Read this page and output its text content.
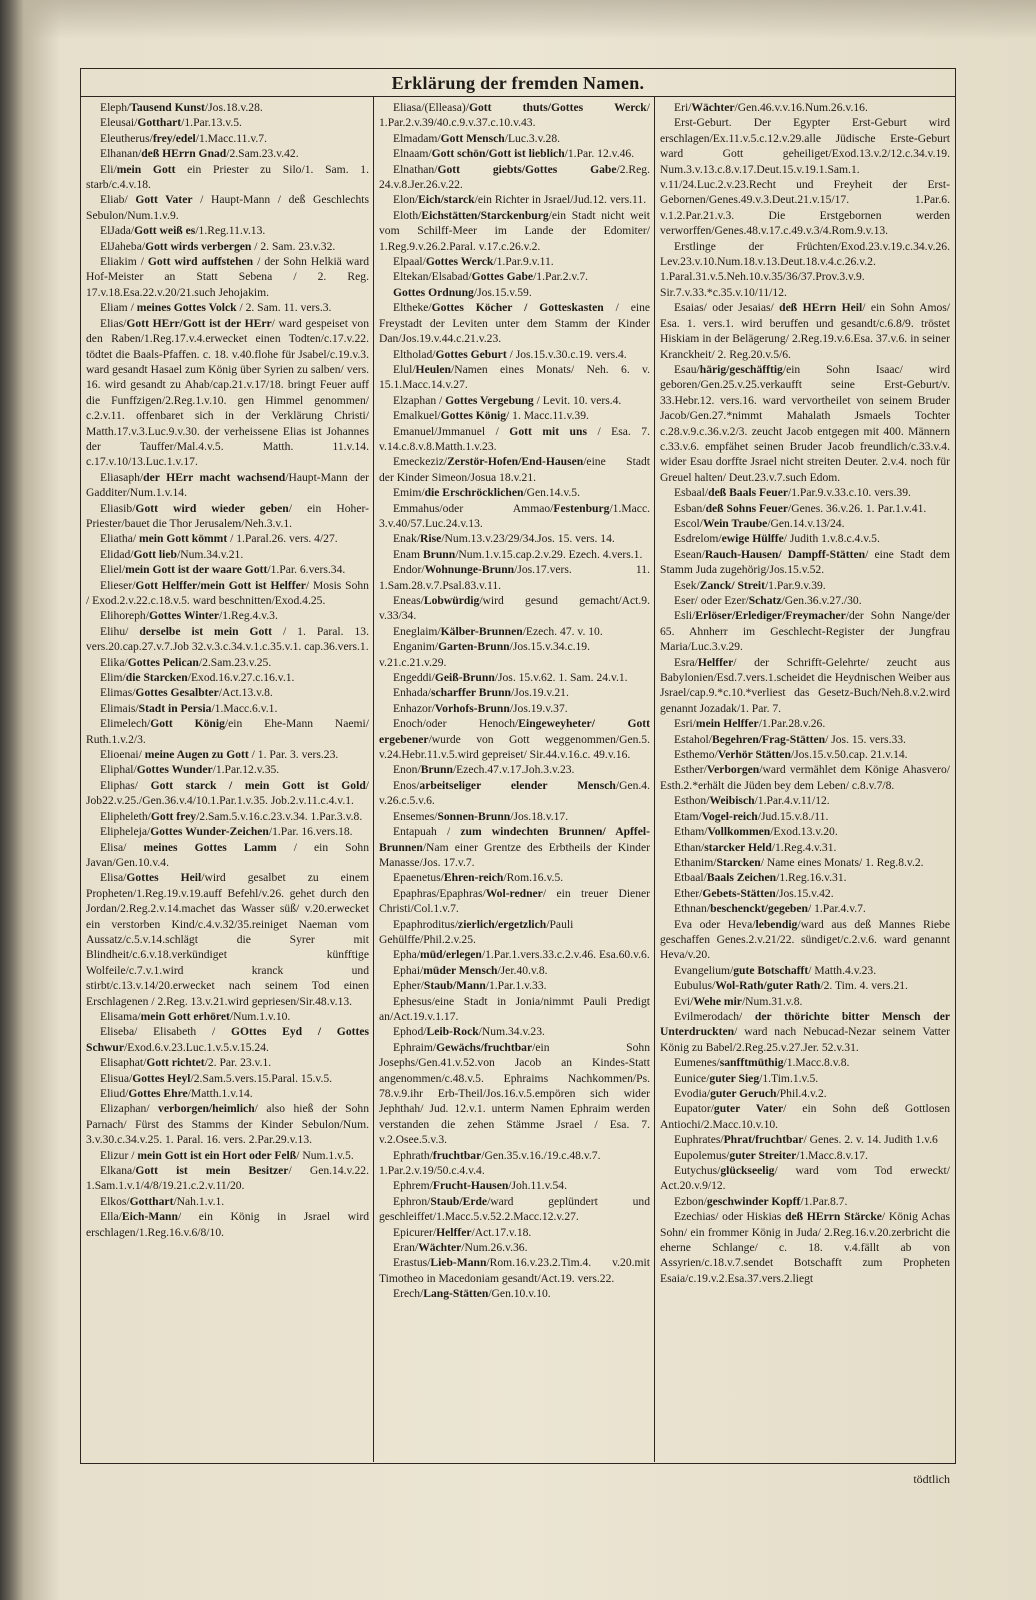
Erklärung der fremden Namen.

Eleph/Tausend Kunst/Jos.18.v.28.

Eleusai/Gotthart/1.Par.13.v.5.

Eleutherus/frey/edel/1.Macc.11.v.7.

Elhanan/deß HErrn Gnad/2.Sam.23.v.42.

Eli/mein Gott ein Priester zu Silo/1. Sam. 1. starb/c.4.v.18.

Eliab/ Gott Vater / Haupt-Mann / deß Geschlechts Sebulon/Num.1.v.9.

ElJada/Gott weiß es/1.Reg.11.v.13.

ElJaheba/Gott wirds verbergen / 2. Sam. 23.v.32.

Eliakim / Gott wird auffstehen / der Sohn Helkiä ward Hof-Meister an Statt Sebena / 2. Reg. 17.v.18.Esa.22.v.20/21.such Jehojakim.

Eliam / meines Gottes Volck / 2. Sam. 11. vers.3.

Elias/Gott HErr/Gott ist der HErr/ ward gespeiset von den Raben/1.Reg.17.v.4.erwecket einen Todten/c.17.v.22. tödtet die Baals-Pfaffen. c. 18. v.40.flohe für Jsabel/c.19.v.3. ward gesandt Hasael zum König über Syrien zu salben/ vers. 16. wird gesandt zu Ahab/cap.21.v.17/18. bringt Feuer auff die Funffzigen/2.Reg.1.v.10. gen Himmel genommen/ c.2.v.11. offenbaret sich in der Verklärung Christi/ Matth.17.v.3.Luc.9.v.30. der verheissene Elias ist Johannes der Tauffer/Mal.4.v.5. Matth. 11.v.14. c.17.v.10/13.Luc.1.v.17.

Eliasaph/der HErr macht wachsend/Haupt-Mann der Gadditer/Num.1.v.14.

Eliasib/Gott wird wieder geben/ ein Hoher-Priester/bauet die Thor Jerusalem/Neh.3.v.1.

Eliatha/ mein Gott kömmt / 1.Paral.26. vers. 4/27.

Elidad/Gott lieb/Num.34.v.21.

Eliel/mein Gott ist der waare Gott/1.Par. 6.vers.34.

Elieser/Gott Helffer/mein Gott ist Helffer/ Mosis Sohn / Exod.2.v.22.c.18.v.5. ward beschnitten/Exod.4.25.

Elihoreph/Gottes Winter/1.Reg.4.v.3.

Elihu/ derselbe ist mein Gott / 1. Paral. 13. vers.20.cap.27.v.7.Job 32.v.3.c.34.v.1.c.35.v.1. cap.36.vers.1.

Elika/Gottes Pelican/2.Sam.23.v.25.

Elim/die Starcken/Exod.16.v.27.c.16.v.1.

Elimas/Gottes Gesalbter/Act.13.v.8.

Elimais/Stadt in Persia/1.Macc.6.v.1.

Elimelech/Gott König/ein Ehe-Mann Naemi/ Ruth.1.v.2/3.

Elioenai/ meine Augen zu Gott / 1. Par. 3. vers.23.

Eliphal/Gottes Wunder/1.Par.12.v.35.

Eliphas/ Gott starck / mein Gott ist Gold/ Job22.v.25./Gen.36.v.4/10.1.Par.1.v.35. Job.2.v.11.c.4.v.1.

Elipheleth/Gott frey/2.Sam.5.v.16.c.23.v.34. 1.Par.3.v.8.

Elipheleja/Gottes Wunder-Zeichen/1.Par. 16.vers.18.

Elisa/ meines Gottes Lamm / ein Sohn Javan/Gen.10.v.4.

Elisa/Gottes Heil/wird gesalbet zu einem Propheten/1.Reg.19.v.19.auff Befehl/v.26. gehet durch den Jordan/2.Reg.2.v.14.machet das Wasser süß/ v.20.erwecket ein verstorben Kind/c.4.v.32/35.reiniget Naeman vom Aussatz/c.5.v.14.schlägt die Syrer mit Blindheit/c.6.v.18.verkündiget künfftige Wolfeile/c.7.v.1.wird kranck und stirbt/c.13.v.14/20.erwecket nach seinem Tod einen Erschlagenen / 2.Reg. 13.v.21.wird gepriesen/Sir.48.v.13.

Elisama/mein Gott erhöret/Num.1.v.10.

Eliseba/ Elisabeth / GOttes Eyd / Gottes Schwur/Exod.6.v.23.Luc.1.v.5.v.15.24.

Elisaphat/Gott richtet/2. Par. 23.v.1.

Elisua/Gottes Heyl/2.Sam.5.vers.15.Paral. 15.v.5.

Eliud/Gottes Ehre/Matth.1.v.14.

Elizaphan/ verborgen/heimlich/ also hieß der Sohn Parnach/ Fürst des Stamms der Kinder Sebulon/Num. 3.v.30.c.34.v.25. 1. Paral. 16. vers. 2.Par.29.v.13.

Elizur / mein Gott ist ein Hort oder Felß/ Num.1.v.5.

Elkana/Gott ist mein Besitzer/ Gen.14.v.22. 1.Sam.1.v.1/4/8/19.21.c.2.v.11/20.

Elkos/Gotthart/Nah.1.v.1.

Ella/Eich-Mann/ ein König in Jsrael wird erschlagen/1.Reg.16.v.6/8/10.

Eliasa/(Elleasa)/Gott thuts/Gottes Werck/ 1.Par.2.v.39/40.c.9.v.37.c.10.v.43.

Elmadam/Gott Mensch/Luc.3.v.28.

Elnaam/Gott schön/Gott ist lieblich/1.Par. 12.v.46.

Elnathan/Gott giebts/Gottes Gabe/2.Reg. 24.v.8.Jer.26.v.22.

Elon/Eich/starck/ein Richter in Jsrael/Jud.12. vers.11.

Eloth/Eichstätten/Starckenburg/ein Stadt nicht weit vom Schilff-Meer im Lande der Edomiter/ 1.Reg.9.v.26.2.Paral. v.17.c.26.v.2.

Elpaal/Gottes Werck/1.Par.9.v.11.

Eltekan/Elsabad/Gottes Gabe/1.Par.2.v.7.

Gottes Ordnung/Jos.15.v.59.

Eltheke/Gottes Köcher / Gotteskasten / eine Freystadt der Leviten unter dem Stamm der Kinder Dan/Jos.19.v.44.c.21.v.23.

Eltholad/Gottes Geburt / Jos.15.v.30.c.19. vers.4.

Elul/Heulen/Namen eines Monats/ Neh. 6. v. 15.1.Macc.14.v.27.

Elzaphan / Gottes Vergebung / Levit. 10. vers.4.

Emalkuel/Gottes König/ 1. Macc.11.v.39.

Emanuel/Jmmanuel / Gott mit uns / Esa. 7. v.14.c.8.v.8.Matth.1.v.23.

Emeckeziz/Zerstör-Hofen/End-Hausen/eine Stadt der Kinder Simeon/Josua 18.v.21.

Emim/die Erschröcklichen/Gen.14.v.5.

Emmahus/oder Ammao/Festenburg/1.Macc. 3.v.40/57.Luc.24.v.13.

Enak/Rise/Num.13.v.23/29/34.Jos. 15. vers. 14.

Enam Brunn/Num.1.v.15.cap.2.v.29. Ezech. 4.vers.1.

Endor/Wohnunge-Brunn/Jos.17.vers. 11. 1.Sam.28.v.7.Psal.83.v.11.

Eneas/Lobwürdig/wird gesund gemacht/Act.9. v.33/34.

Eneglaim/Kälber-Brunnen/Ezech. 47. v. 10.

Enganim/Garten-Brunn/Jos.15.v.34.c.19. v.21.c.21.v.29.

Engeddi/Geiß-Brunn/Jos. 15.v.62. 1. Sam. 24.v.1.

Enhada/scharffer Brunn/Jos.19.v.21.

Enhazor/Vorhofs-Brunn/Jos.19.v.37.

Enoch/oder Henoch/Eingeweyheter/ Gott ergebener/wurde von Gott weggenommen/Gen.5. v.24.Hebr.11.v.5.wird gepreiset/ Sir.44.v.16.c. 49.v.16.

Enon/Brunn/Ezech.47.v.17.Joh.3.v.23.

Enos/arbeitseliger elender Mensch/Gen.4. v.26.c.5.v.6.

Ensemes/Sonnen-Brunn/Jos.18.v.17.

Entapuah / zum windechten Brunnen/ Apffel-Brunnen/Nam einer Grentze des Erbtheils der Kinder Manasse/Jos. 17.v.7.

Epaenetus/Ehren-reich/Rom.16.v.5.

Epaphras/Epaphras/Wol-redner/ ein treuer Diener Christi/Col.1.v.7.

Epaphroditus/zierlich/ergetzlich/Pauli Gehülffe/Phil.2.v.25.

Epha/müd/erlegen/1.Par.1.vers.33.c.2.v.46. Esa.60.v.6.

Ephai/müder Mensch/Jer.40.v.8.

Epher/Staub/Mann/1.Par.1.v.33.

Ephesus/eine Stadt in Jonia/nimmt Pauli Predigt an/Act.19.v.1.17.

Ephod/Leib-Rock/Num.34.v.23.

Ephraim/Gewächs/fruchtbar/ein Sohn Josephs/Gen.41.v.52.von Jacob an Kindes-Statt angenommen/c.48.v.5. Ephraims Nachkommen/Ps. 78.v.9.ihr Erb-Theil/Jos.16.v.5.empören sich wider Jephthah/ Jud. 12.v.1. unterm Namen Ephraim werden verstanden die zehen Stämme Jsrael / Esa. 7. v.2.Osee.5.v.3.

Ephrath/fruchtbar/Gen.35.v.16./19.c.48.v.7. 1.Par.2.v.19/50.c.4.v.4.

Ephrem/Frucht-Hausen/Joh.11.v.54.

Ephron/Staub/Erde/ward geplündert und geschleiffet/1.Macc.5.v.52.2.Macc.12.v.27.

Epicurer/Helffer/Act.17.v.18.

Eran/Wächter/Num.26.v.36.

Erastus/Lieb-Mann/Rom.16.v.23.2.Tim.4. v.20.mit Timotheo in Macedoniam gesandt/Act.19. vers.22.

Erech/Lang-Stätten/Gen.10.v.10.

Eri/Wächter/Gen.46.v.v.16.Num.26.v.16.

Erst-Geburt. Der Egypter Erst-Geburt wird erschlagen/Ex.11.v.5.c.12.v.29.alle Jüdische Erste-Geburt ward Gott geheiliget/Exod.13.v.2/12.c.34.v.19. Num.3.v.13.c.8.v.17.Deut.15.v.19.1.Sam.1. v.11/24.Luc.2.v.23.Recht und Freyheit der Erst-Gebornen/Genes.49.v.3.Deut.21.v.15/17. 1.Par.6. v.1.2.Par.21.v.3. Die Erstgebornen werden verworffen/Genes.48.v.17.c.49.v.3/4.Rom.9.v.13.

Erstlinge der Früchten/Exod.23.v.19.c.34.v.26. Lev.23.v.10.Num.18.v.13.Deut.18.v.4.c.26.v.2. 1.Paral.31.v.5.Neh.10.v.35/36/37.Prov.3.v.9. Sir.7.v.33.*c.35.v.10/11/12.

Esaias/ oder Jesaias/ deß HErrn Heil/ ein Sohn Amos/ Esa. 1. vers.1. wird beruffen und gesandt/c.6.8/9. tröstet Hiskiam in der Belägerung/ 2.Reg.19.v.6.Esa. 37.v.6. in seiner Kranckheit/ 2. Reg.20.v.5/6.

Esau/härig/geschäfftig/ein Sohn Isaac/ wird geboren/Gen.25.v.25.verkaufft seine Erst-Geburt/v. 33.Hebr.12. vers.16. ward vervortheilet von seinem Bruder Jacob/Gen.27.*nimmt Mahalath Jsmaels Tochter c.28.v.9.c.36.v.2/3. zeucht Jacob entgegen mit 400. Männern c.33.v.6. empfähet seinen Bruder Jacob freundlich/c.33.v.4. wider Esau dorffte Jsrael nicht streiten Deuter. 2.v.4. noch für Greuel halten/ Deut.23.v.7.such Edom.

Esbaal/deß Baals Feuer/1.Par.9.v.33.c.10. vers.39.

Esban/deß Sohns Feuer/Genes. 36.v.26. 1. Par.1.v.41.

Escol/Wein Traube/Gen.14.v.13/24.

Esdrelom/ewige Hülffe/ Judith 1.v.8.c.4.v.5.

Esean/Rauch-Hausen/ Dampff-Stätten/ eine Stadt dem Stamm Juda zugehörig/Jos.15.v.52.

Esek/Zanck/ Streit/1.Par.9.v.39.

Eser/ oder Ezer/Schatz/Gen.36.v.27./30.

Esli/Erlöser/Erlediger/Freymacher/der Sohn Nange/der 65. Ahnherr im Geschlecht-Register der Jungfrau Maria/Luc.3.v.29.

Esra/Helffer/ der Schrifft-Gelehrte/ zeucht aus Babylonien/Esd.7.vers.1.scheidet die Heydnischen Weiber aus Jsrael/cap.9.*c.10.*verliest das Gesetz-Buch/Neh.8.v.2.wird genannt Jozadak/1. Par. 7.

Esri/mein Helffer/1.Par.28.v.26.

Estahol/Begehren/Frag-Stätten/ Jos. 15. vers.33.

Esthemo/Verhör Stätten/Jos.15.v.50.cap. 21.v.14.

Esther/Verborgen/ward vermählet dem Könige Ahasvero/ Esth.2.*erhält die Jüden bey dem Leben/ c.8.v.7/8.

Esthon/Weibisch/1.Par.4.v.11/12.

Etam/Vogel-reich/Jud.15.v.8./11.

Etham/Vollkommen/Exod.13.v.20.

Ethan/starcker Held/1.Reg.4.v.31.

Ethanim/Starcken/ Name eines Monats/ 1. Reg.8.v.2.

Etbaal/Baals Zeichen/1.Reg.16.v.31.

Ether/Gebets-Stätten/Jos.15.v.42.

Ethnan/beschenckt/gegeben/ 1.Par.4.v.7.

Eva oder Heva/lebendig/ward aus deß Mannes Riebe geschaffen Genes.2.v.21/22. sündiget/c.2.v.6. ward genannt Heva/v.20.

Evangelium/gute Botschafft/ Matth.4.v.23.

Eubulus/Wol-Rath/guter Rath/2. Tim. 4. vers.21.

Evi/Wehe mir/Num.31.v.8.

Evilmerodach/ der thörichte bitter Mensch der Unterdruckten/ ward nach Nebucad-Nezar seinem Vatter König zu Babel/2.Reg.25.v.27.Jer. 52.v.31.

Eumenes/sanfftmüthig/1.Macc.8.v.8.

Eunice/guter Sieg/1.Tim.1.v.5.

Evodia/guter Geruch/Phil.4.v.2.

Eupator/guter Vater/ ein Sohn deß Gottlosen Antiochi/2.Macc.10.v.10.

Euphrates/Phrat/fruchtbar/ Genes. 2. v. 14. Judith 1.v.6

Eupolemus/guter Streiter/1.Macc.8.v.17.

Eutychus/glückseelig/ ward vom Tod erweckt/ Act.20.v.9/12.

Ezbon/geschwinder Kopff/1.Par.8.7.

Ezechias/ oder Hiskias deß HErrn Stärcke/ König Achas Sohn/ ein frommer König in Juda/ 2.Reg.16.v.20.zerbricht die eherne Schlange/ c. 18. v.4.fällt ab von Assyrien/c.18.v.7.sendet Botschafft zum Propheten Esaia/c.19.v.2.Esa.37.vers.2.liegt

tödtlich
